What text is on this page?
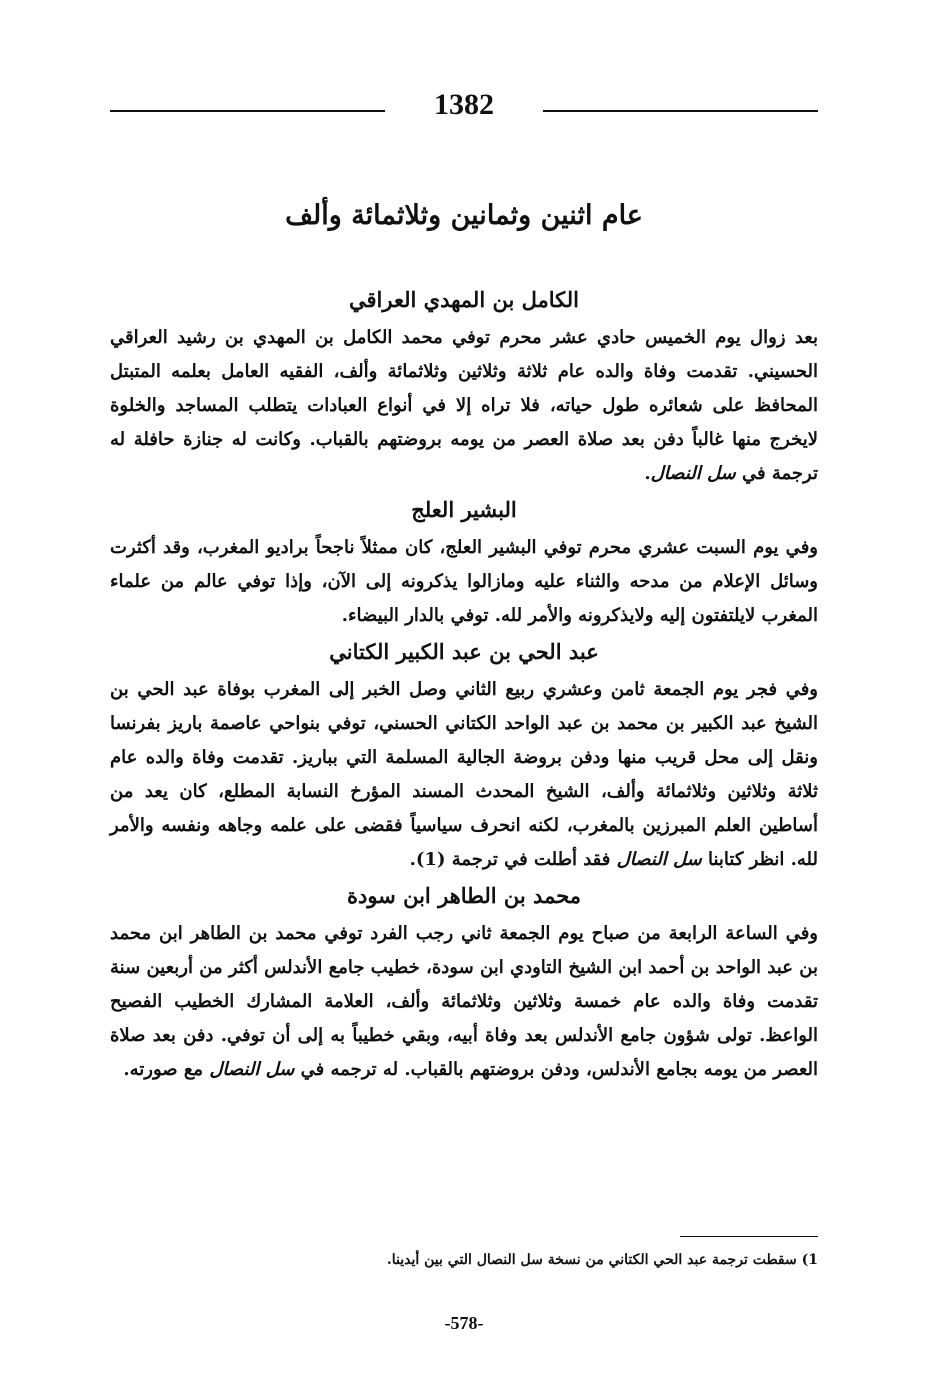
1382
عام اثنين وثمانين وثلاثمائة وألف
الكامل بن المهدي العراقي

بعد زوال يوم الخميس حادي عشر محرم توفي محمد الكامل بن المهدي بن رشيد العراقي الحسيني. تقدمت وفاة والده عام ثلاثة وثلاثين وثلاثمائة وألف، الفقيه العامل بعلمه المتبتل المحافظ على شعائره طول حياته، فلا تراه إلا في أنواع العبادات يتطلب المساجد والخلوة لايخرج منها غالباً دفن بعد صلاة العصر من يومه بروضتهم بالقباب. وكانت له جنازة حافلة له ترجمة في سل النصال.

البشير العلج

وفي يوم السبت عشري محرم توفي البشير العلج، كان ممثلاً ناجحاً براديو المغرب، وقد أكثرت وسائل الإعلام من مدحه والثناء عليه ومازالوا يذكرونه إلى الآن، وإذا توفي عالم من علماء المغرب لايلتفتون إليه ولايذكرونه والأمر لله. توفي بالدار البيضاء.

عبد الحي بن عبد الكبير الكتاني

وفي فجر يوم الجمعة ثامن وعشري ربيع الثاني وصل الخبر إلى المغرب بوفاة عبد الحي بن الشيخ عبد الكبير بن محمد بن عبد الواحد الكتاني الحسني، توفي بنواحي عاصمة باريز بفرنسا ونقل إلى محل قريب منها ودفن بروضة الجالية المسلمة التي بباريز. تقدمت وفاة والده عام ثلاثة وثلاثين وثلاثمائة وألف، الشيخ المحدث المسند المؤرخ النسابة المطلع، كان يعد من أساطين العلم المبرزين بالمغرب، لكنه انحرف سياسياً فقضى على علمه وجاهه ونفسه والأمر لله. انظر كتابنا سل النصال فقد أطلت في ترجمة (1).

محمد بن الطاهر ابن سودة

وفي الساعة الرابعة من صباح يوم الجمعة ثاني رجب الفرد توفي محمد بن الطاهر ابن محمد بن عبد الواحد بن أحمد ابن الشيخ التاودي ابن سودة، خطيب جامع الأندلس أكثر من أربعين سنة تقدمت وفاة والده عام خمسة وثلاثين وثلاثمائة وألف، العلامة المشارك الخطيب الفصيح الواعظ. تولى شؤون جامع الأندلس بعد وفاة أبيه، وبقي خطيباً به إلى أن توفي. دفن بعد صلاة العصر من يومه بجامع الأندلس، ودفن بروضتهم بالقباب. له ترجمه في سل النصال مع صورته.

1) سقطت ترجمة عبد الحي الكتاني من نسخة سل النصال التي بين أيدينا.
-578-
